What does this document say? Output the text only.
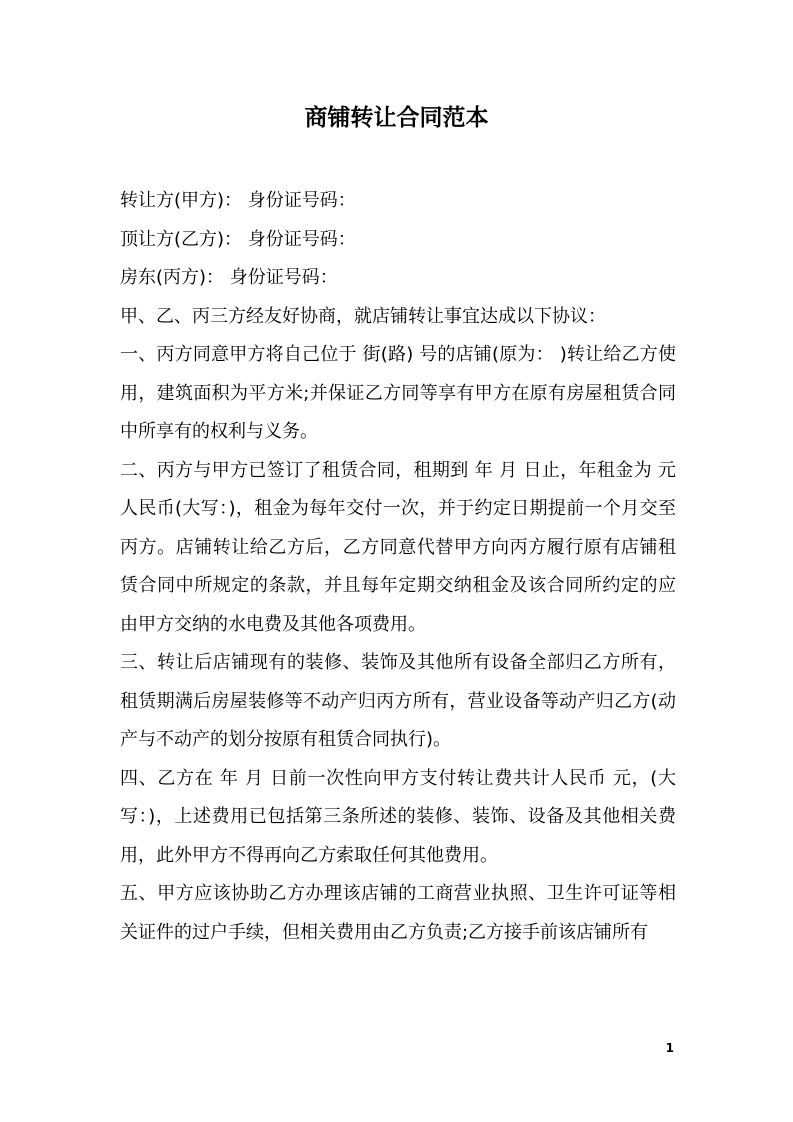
商铺转让合同范本

转让方(甲方)： 身份证号码：

顶让方(乙方)： 身份证号码：

房东(丙方)： 身份证号码：

甲、乙、丙三方经友好协商，就店铺转让事宜达成以下协议：

一、丙方同意甲方将自己位于 街(路) 号的店铺(原为： )转让给乙方使用，建筑面积为平方米;并保证乙方同等享有甲方在原有房屋租赁合同中所享有的权利与义务。

二、丙方与甲方已签订了租赁合同，租期到 年 月 日止，年租金为 元人民币(大写：)，租金为每年交付一次，并于约定日期提前一个月交至丙方。店铺转让给乙方后，乙方同意代替甲方向丙方履行原有店铺租赁合同中所规定的条款，并且每年定期交纳租金及该合同所约定的应由甲方交纳的水电费及其他各项费用。

三、转让后店铺现有的装修、装饰及其他所有设备全部归乙方所有，租赁期满后房屋装修等不动产归丙方所有，营业设备等动产归乙方(动产与不动产的划分按原有租赁合同执行)。

四、乙方在 年 月 日前一次性向甲方支付转让费共计人民币 元，(大写：)，上述费用已包括第三条所述的装修、装饰、设备及其他相关费用，此外甲方不得再向乙方索取任何其他费用。

五、甲方应该协助乙方办理该店铺的工商营业执照、卫生许可证等相关证件的过户手续，但相关费用由乙方负责;乙方接手前该店铺所有

1
